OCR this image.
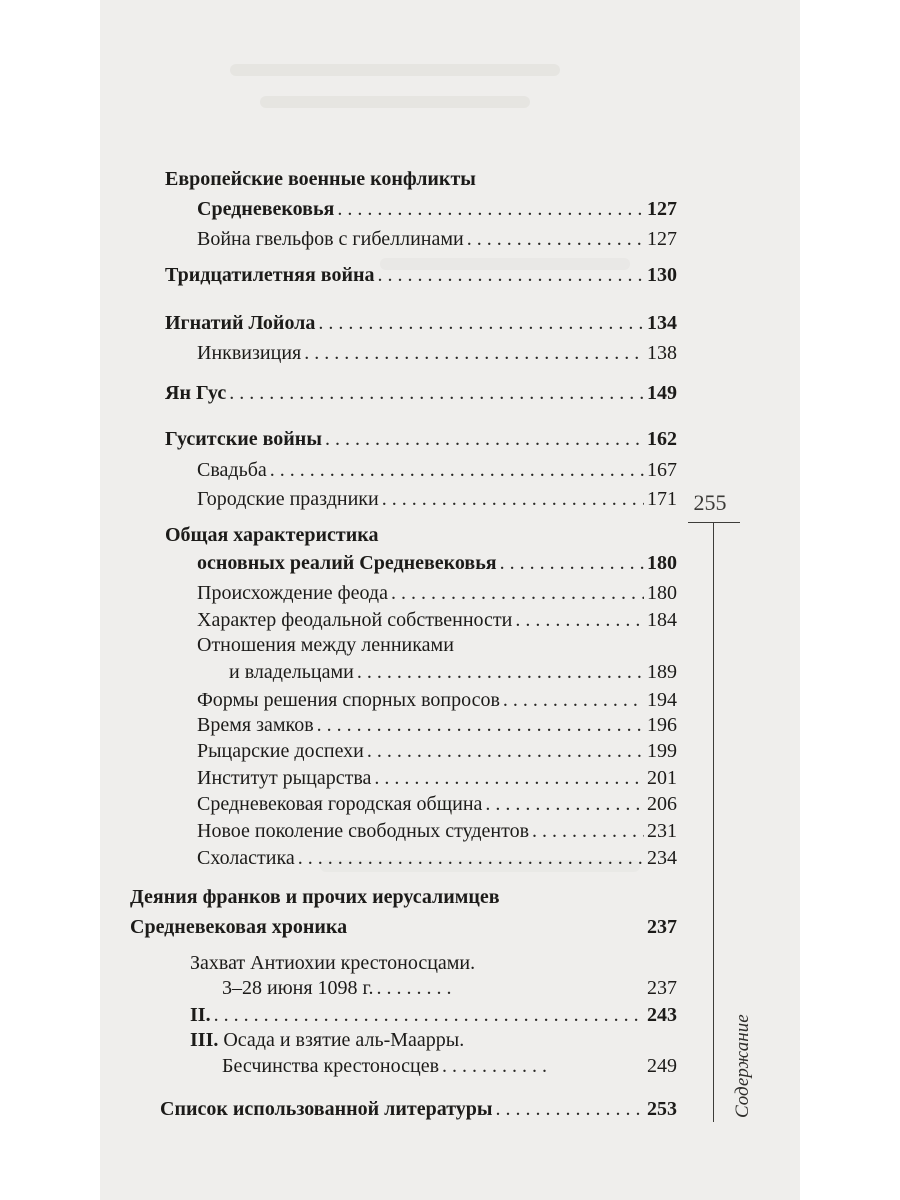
Европейские военные конфликты
Средневековья . . .	127
Война гвельфов с гибеллинами . . .	127
Тридцатилетняя война . . .	130
Игнатий Лойола . . .	134
Инквизиция . . .	138
Ян Гус . . .	149
Гуситские войны . . .	162
Свадьба . . .	167
Городские праздники . . .	171
Общая характеристика
основных реалий Средневековья . . .	180
Происхождение феода . . .	180
Характер феодальной собственности . . .	184
Отношения между ленниками
и владельцами . . .	189
Формы решения спорных вопросов . . .	194
Время замков . . .	196
Рыцарские доспехи . . .	199
Институт рыцарства . . .	201
Средневековая городская община . . .	206
Новое поколение свободных студентов . . .	231
Схоластика . . .	234
Деяния франков и прочих иерусалимцев
Средневековая хроника	237
Захват Антиохии крестоносцами.
3–28 июня 1098 г. . . .	237
II. . . .	243
III. Осада и взятие аль-Маарры.
Бесчинства крестоносцев . . .	249
Список использованной литературы . . .	253
255
Содержание
